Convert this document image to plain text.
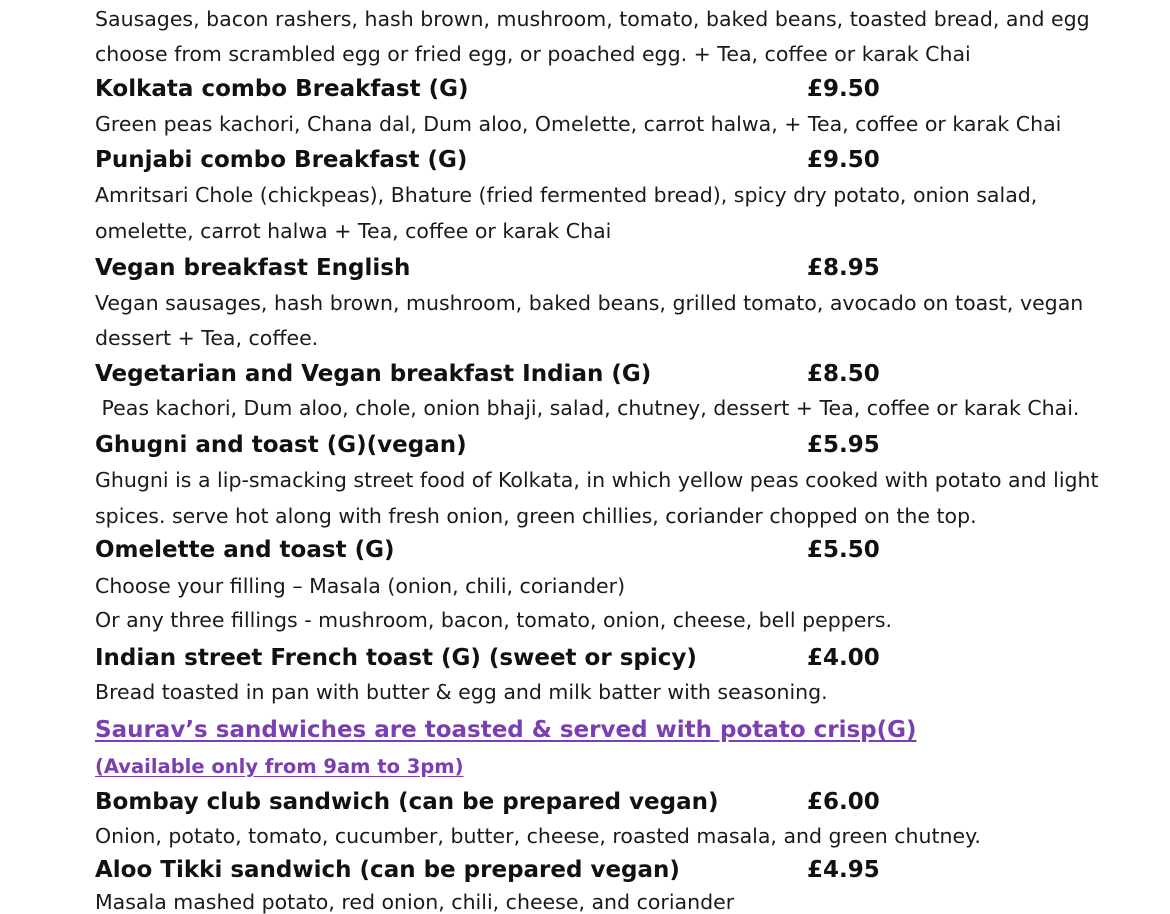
Sausages, bacon rashers, hash brown, mushroom, tomato, baked beans, toasted bread, and egg
choose from scrambled egg or fried egg, or poached egg. + Tea, coffee or karak Chai
Kolkata combo Breakfast (G)	£9.50
Green peas kachori, Chana dal, Dum aloo, Omelette, carrot halwa, + Tea, coffee or karak Chai
Punjabi combo Breakfast (G)	£9.50
Amritsari Chole (chickpeas), Bhature (fried fermented bread), spicy dry potato, onion salad,
omelette, carrot halwa + Tea, coffee or karak Chai
Vegan breakfast English	£8.95
Vegan sausages, hash brown, mushroom, baked beans, grilled tomato, avocado on toast, vegan
dessert + Tea, coffee.
Vegetarian and Vegan breakfast Indian (G)	£8.50
Peas kachori, Dum aloo, chole, onion bhaji, salad, chutney, dessert + Tea, coffee or karak Chai.
Ghugni and toast (G)(vegan)	£5.95
Ghugni is a lip-smacking street food of Kolkata, in which yellow peas cooked with potato and light
spices. serve hot along with fresh onion, green chillies, coriander chopped on the top.
Omelette and toast (G)	£5.50
Choose your filling – Masala (onion, chili, coriander)
Or any three fillings - mushroom, bacon, tomato, onion, cheese, bell peppers.
Indian street French toast (G) (sweet or spicy)	£4.00
Bread toasted in pan with butter & egg and milk batter with seasoning.
Saurav’s sandwiches are toasted & served with potato crisp(G)
(Available only from 9am to 3pm)
Bombay club sandwich (can be prepared vegan)	£6.00
Onion, potato, tomato, cucumber, butter, cheese, roasted masala, and green chutney.
Aloo Tikki sandwich (can be prepared vegan)	£4.95
Masala mashed potato, red onion, chili, cheese, and coriander
